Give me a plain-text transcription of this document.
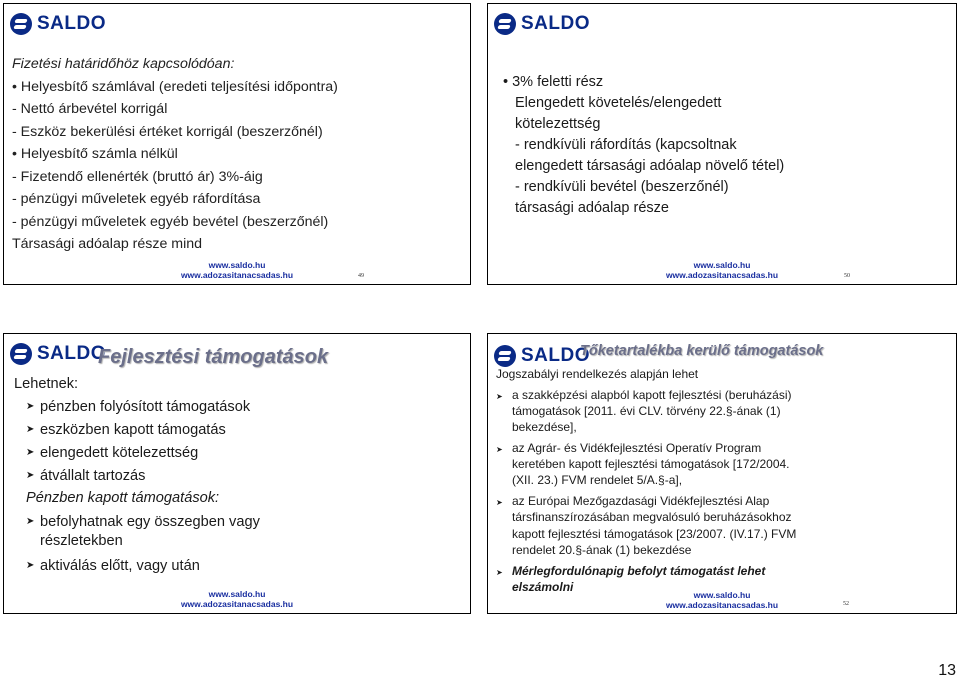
SALDO
Fizetési határidőhöz kapcsolódóan:
• Helyesbítő számlával (eredeti teljesítési időpontra)
- Nettó árbevétel korrigál
- Eszköz bekerülési értéket korrigál (beszerzőnél)
• Helyesbítő számla nélkül
- Fizetendő ellenérték (bruttó ár) 3%-áig
- pénzügyi műveletek egyéb ráfordítása
- pénzügyi műveletek egyéb bevétel (beszerzőnél)
Társasági adóalap része mind
www.saldo.hu
www.adozasitanacsadas.hu	49
SALDO
• 3% feletti rész
Elengedett követelés/elengedett
kötelezettség
- rendkívüli ráfordítás (kapcsoltnak
elengedett társasági adóalap növelő tétel)
- rendkívüli bevétel (beszerzőnél)
társasági adóalap része
www.saldo.hu
www.adozasitanacsadas.hu	50
SALDO
Fejlesztési támogatások
Lehetnek:
➤ pénzben folyósított támogatások
➤ eszközben kapott támogatás
➤ elengedett kötelezettség
➤ átvállalt tartozás
Pénzben kapott támogatások:
➤ befolyhatnak egy összegben vagy
részletekben
➤ aktiválás előtt, vagy után
www.saldo.hu
www.adozasitanacsadas.hu
SALDO
Tőketartalékba kerülő támogatások
Jogszabályi rendelkezés alapján lehet
➤ a szakképzési alapból kapott fejlesztési (beruházási)
támogatások [2011. évi CLV. törvény 22.§-ának (1)
bekezdése],
➤ az Agrár- és Vidékfejlesztési Operatív Program
keretében kapott fejlesztési támogatások [172/2004.
(XII. 23.) FVM rendelet 5/A.§-a],
➤ az Európai Mezőgazdasági Vidékfejlesztési Alap
társfinanszírozásában megvalósuló beruházásokhoz
kapott fejlesztési támogatások [23/2007. (IV.17.) FVM
rendelet 20.§-ának (1) bekezdése
➤ Mérlegfordulónapig befolyt támogatást lehet
elszámolni
www.saldo.hu
www.adozasitanacsadas.hu	52
13
